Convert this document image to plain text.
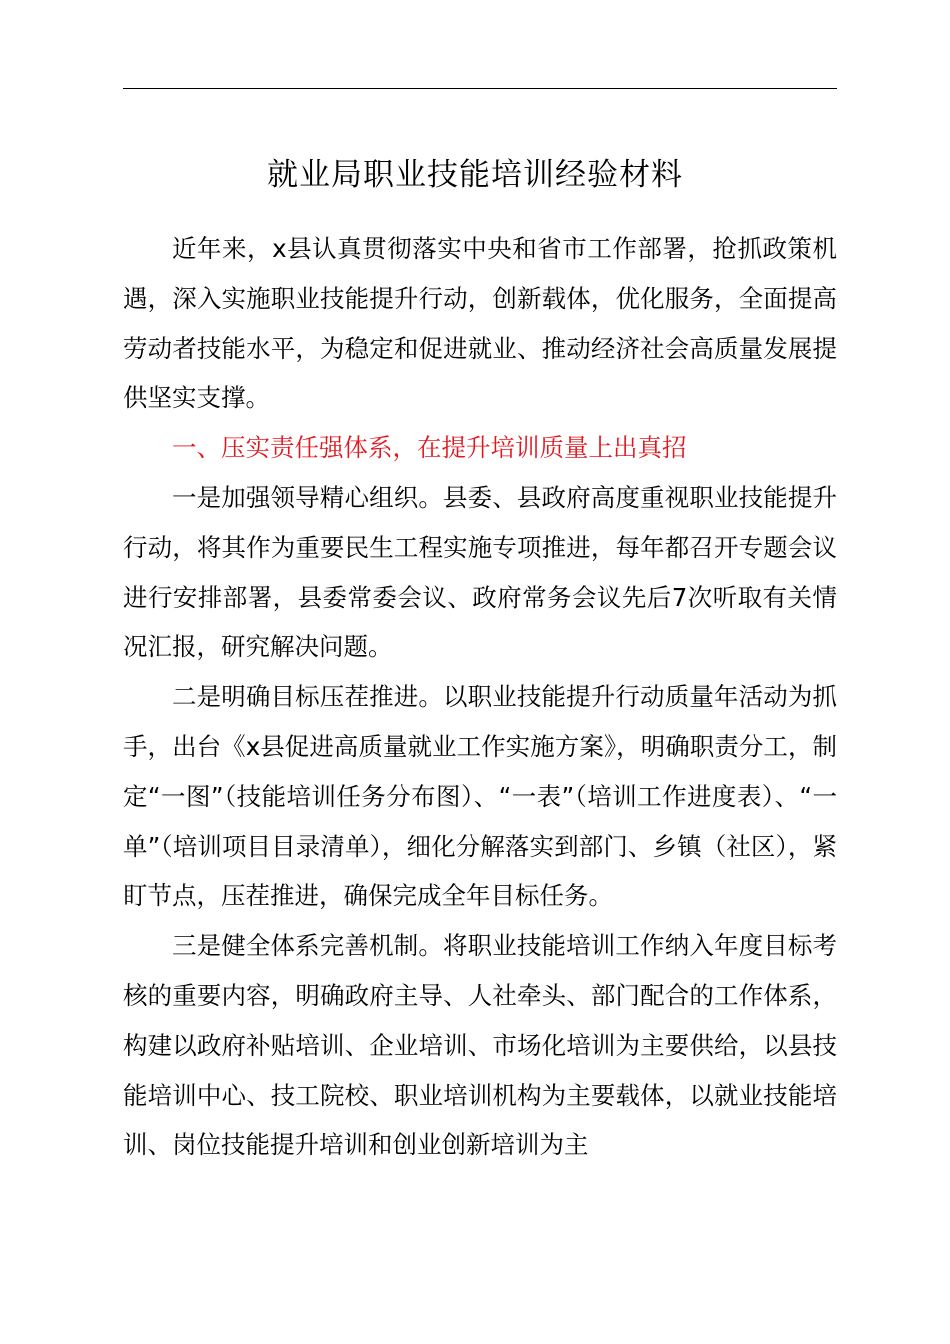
就业局职业技能培训经验材料

近年来，x县认真贯彻落实中央和省市工作部署，抢抓政策机遇，深入实施职业技能提升行动，创新载体，优化服务，全面提高劳动者技能水平，为稳定和促进就业、推动经济社会高质量发展提供坚实支撑。

一、压实责任强体系，在提升培训质量上出真招

一是加强领导精心组织。县委、县政府高度重视职业技能提升行动，将其作为重要民生工程实施专项推进，每年都召开专题会议进行安排部署，县委常委会议、政府常务会议先后7次听取有关情况汇报，研究解决问题。

二是明确目标压茬推进。以职业技能提升行动质量年活动为抓手，出台《x县促进高质量就业工作实施方案》，明确职责分工，制定“一图”（技能培训任务分布图）、“一表”（培训工作进度表）、“一单”（培训项目目录清单），细化分解落实到部门、乡镇（社区），紧盯节点，压茬推进，确保完成全年目标任务。

三是健全体系完善机制。将职业技能培训工作纳入年度目标考核的重要内容，明确政府主导、人社牵头、部门配合的工作体系，构建以政府补贴培训、企业培训、市场化培训为主要供给，以县技能培训中心、技工院校、职业培训机构为主要载体，以就业技能培训、岗位技能提升培训和创业创新培训为主
